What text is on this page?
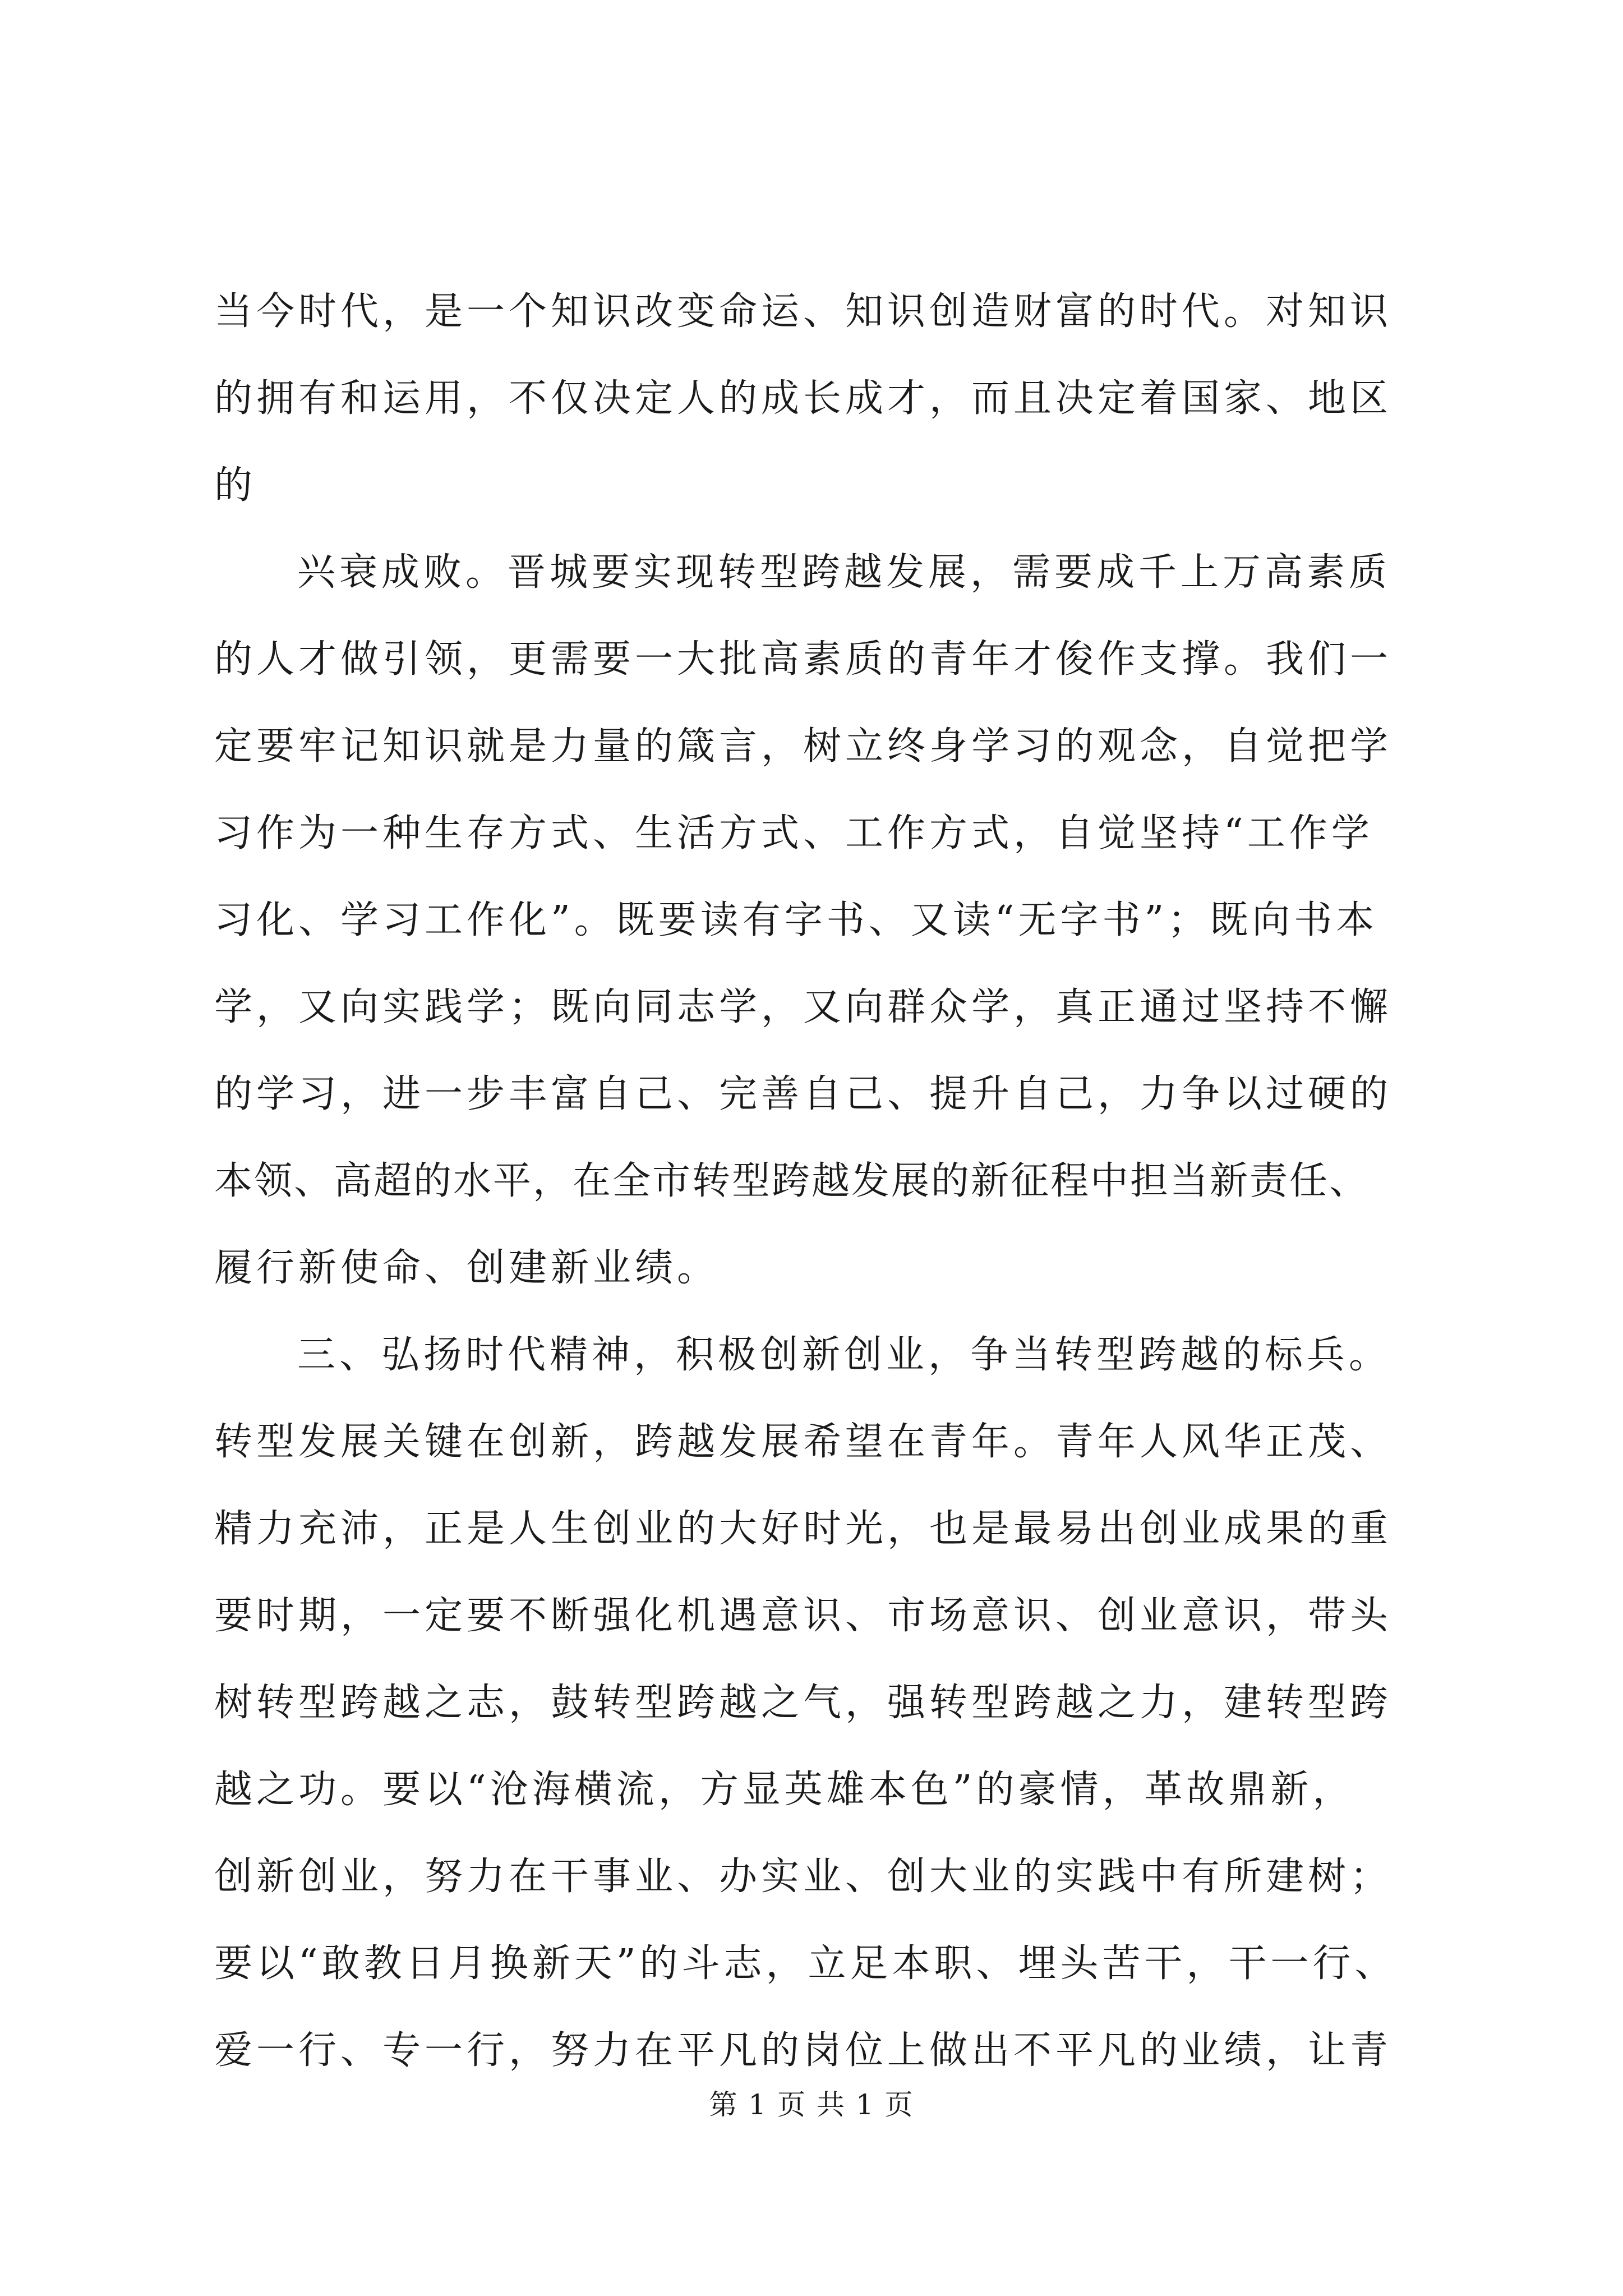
当今时代，是一个知识改变命运、知识创造财富的时代。对知识
的拥有和运用，不仅决定人的成长成才，而且决定着国家、地区
的
兴衰成败。晋城要实现转型跨越发展，需要成千上万高素质
的人才做引领，更需要一大批高素质的青年才俊作支撑。我们一
定要牢记知识就是力量的箴言，树立终身学习的观念，自觉把学
习作为一种生存方式、生活方式、工作方式，自觉坚持“工作学
习化、学习工作化”。既要读有字书、又读“无字书”；既向书本
学，又向实践学；既向同志学，又向群众学，真正通过坚持不懈
的学习，进一步丰富自己、完善自己、提升自己，力争以过硬的
本领、高超的水平，在全市转型跨越发展的新征程中担当新责任、
履行新使命、创建新业绩。
三、弘扬时代精神，积极创新创业，争当转型跨越的标兵。
转型发展关键在创新，跨越发展希望在青年。青年人风华正茂、
精力充沛，正是人生创业的大好时光，也是最易出创业成果的重
要时期，一定要不断强化机遇意识、市场意识、创业意识，带头
树转型跨越之志，鼓转型跨越之气，强转型跨越之力，建转型跨
越之功。要以“沧海横流，方显英雄本色”的豪情，革故鼎新，
创新创业，努力在干事业、办实业、创大业的实践中有所建树；
要以“敢教日月换新天”的斗志，立足本职、埋头苦干，干一行、
爱一行、专一行，努力在平凡的岗位上做出不平凡的业绩，让青
第 1 页 共 1 页
